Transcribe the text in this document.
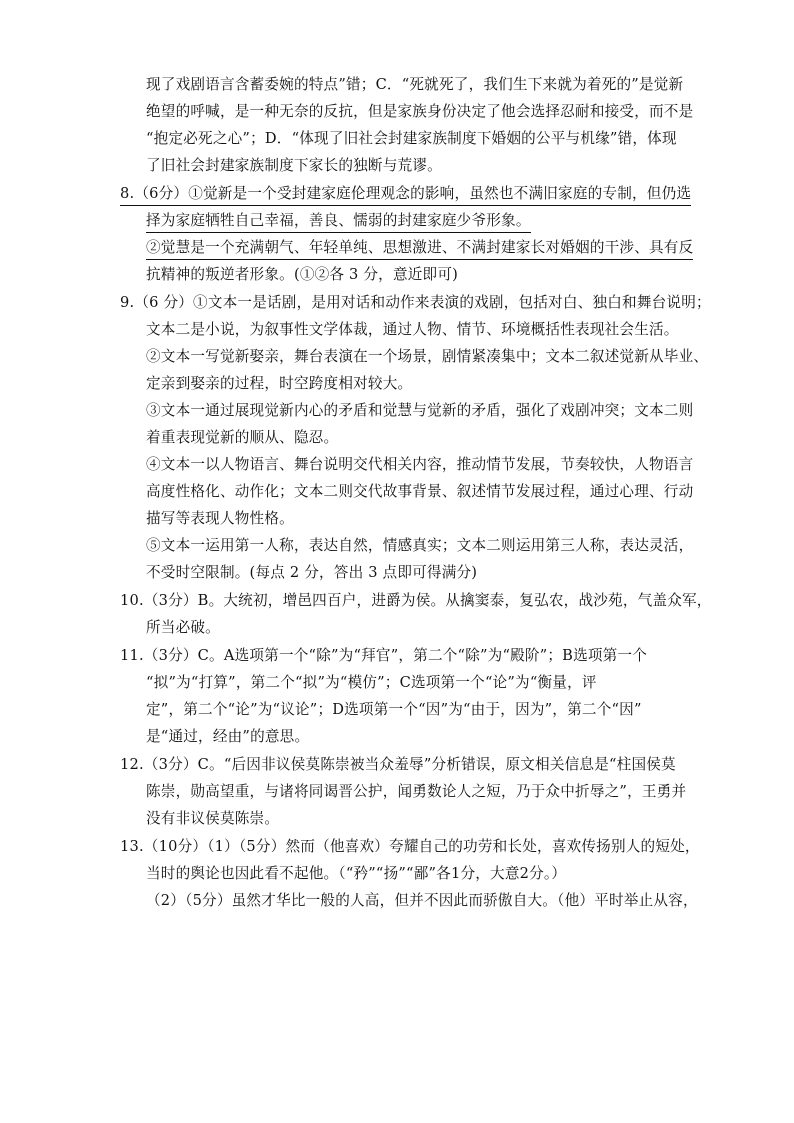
现了戏剧语言含蓄委婉的特点”错；C．“死就死了，我们生下来就为着死的”是觉新
绝望的呼喊，是一种无奈的反抗，但是家族身份决定了他会选择忍耐和接受，而不是
“抱定必死之心”；D．“体现了旧社会封建家族制度下婚姻的公平与机缘”错，体现
了旧社会封建家族制度下家长的独断与荒谬。
8.（6分）①觉新是一个受封建家庭伦理观念的影响，虽然也不满旧家庭的专制，但仍选
择为家庭牺牲自己幸福，善良、懦弱的封建家庭少爷形象。
②觉慧是一个充满朝气、年轻单纯、思想激进、不满封建家长对婚姻的干涉、具有反
抗精神的叛逆者形象。(①②各 3 分，意近即可)
9.（6 分）①文本一是话剧，是用对话和动作来表演的戏剧，包括对白、独白和舞台说明；
文本二是小说，为叙事性文学体裁，通过人物、情节、环境概括性表现社会生活。
②文本一写觉新娶亲，舞台表演在一个场景，剧情紧凑集中；文本二叙述觉新从毕业、
定亲到娶亲的过程，时空跨度相对较大。
③文本一通过展现觉新内心的矛盾和觉慧与觉新的矛盾，强化了戏剧冲突；文本二则
着重表现觉新的顺从、隐忍。
④文本一以人物语言、舞台说明交代相关内容，推动情节发展，节奏较快，人物语言
高度性格化、动作化；文本二则交代故事背景、叙述情节发展过程，通过心理、行动
描写等表现人物性格。
⑤文本一运用第一人称，表达自然，情感真实；文本二则运用第三人称，表达灵活，
不受时空限制。(每点 2 分，答出 3 点即可得满分)
10.（3分）B。大统初，增邑四百户，进爵为侯。从擒窦泰，复弘农，战沙苑，气盖众军，
所当必破。
11.（3分）C。A选项第一个“除”为“拜官”，第二个“除”为“殿阶”；B选项第一个
“拟”为“打算”，第二个“拟”为“模仿”；C选项第一个“论”为“衡量，评
定”，第二个“论”为“议论”；D选项第一个“因”为“由于，因为”，第二个“因”
是“通过，经由”的意思。
12.（3分）C。“后因非议侯莫陈崇被当众羞辱”分析错误，原文相关信息是“柱国侯莫
陈崇，勋高望重，与诸将同谒晋公护，闻勇数论人之短，乃于众中折辱之”，王勇并
没有非议侯莫陈崇。
13.（10分）（1）（5分）然而（他喜欢）夸耀自己的功劳和长处，喜欢传扬别人的短处，
当时的舆论也因此看不起他。（“矜”“扬”“鄙”各1分，大意2分。）
（2）（5分）虽然才华比一般的人高，但并不因此而骄傲自大。（他）平时举止从容，
